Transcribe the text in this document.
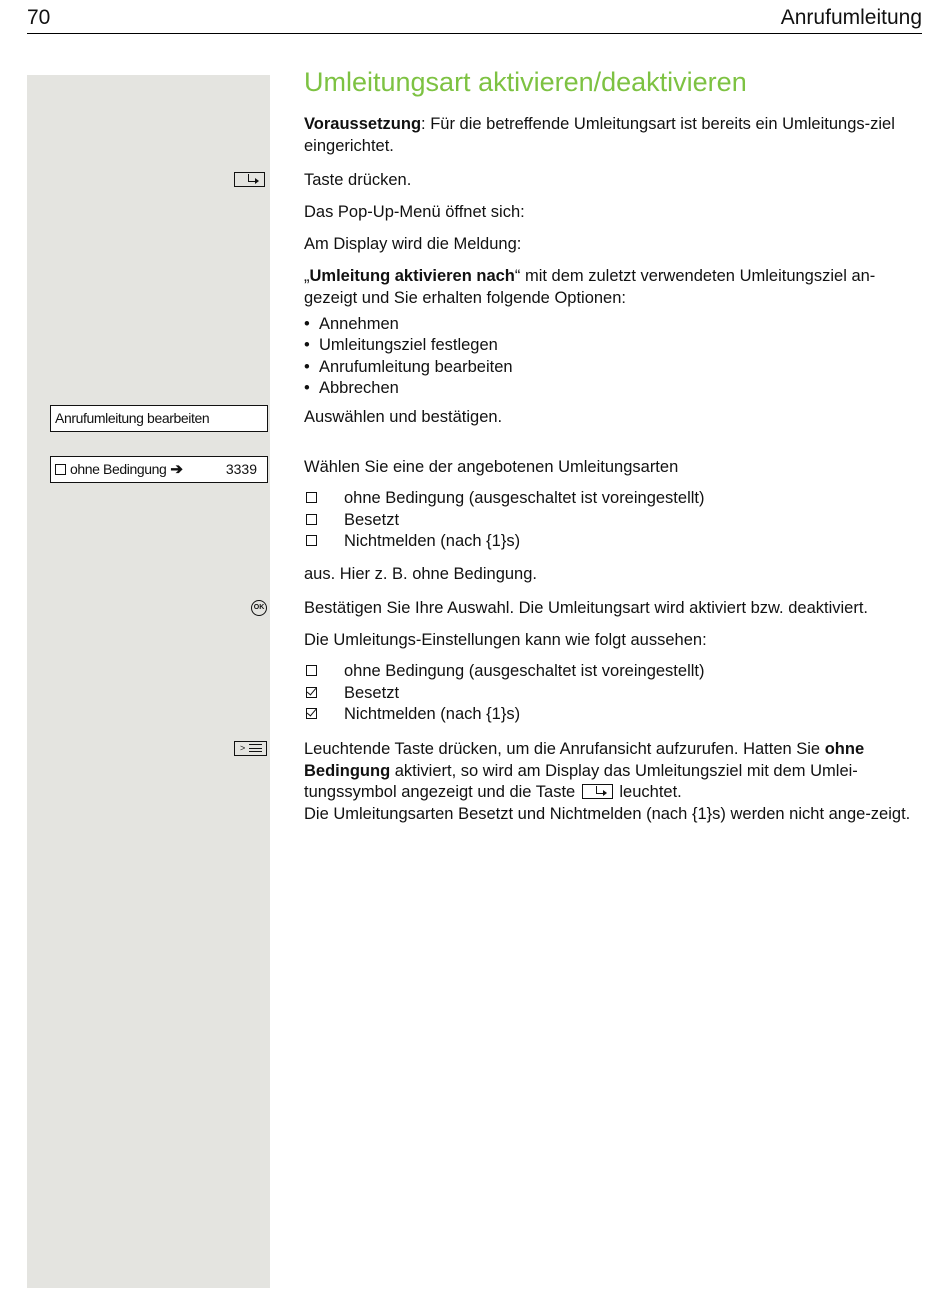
70	Anrufumleitung
Anrufumleitung bearbeiten
ohne Bedingung ➔	3339
OK
>
Umleitungsart aktivieren/deaktivieren
Voraussetzung: Für die betreffende Umleitungsart ist bereits ein Umleitungs-ziel eingerichtet.
Taste drücken.
Das Pop-Up-Menü öffnet sich:
Am Display wird die Meldung:
„Umleitung aktivieren nach“ mit dem zuletzt verwendeten Umleitungsziel an-gezeigt und Sie erhalten folgende Optionen:
• Annehmen
• Umleitungsziel festlegen
• Anrufumleitung bearbeiten
• Abbrechen
Auswählen und bestätigen.
Wählen Sie eine der angebotenen Umleitungsarten
ohne Bedingung (ausgeschaltet ist voreingestellt)
Besetzt
Nichtmelden (nach {1}s)
aus. Hier z. B. ohne Bedingung.
Bestätigen Sie Ihre Auswahl. Die Umleitungsart wird aktiviert bzw. deaktiviert.
Die Umleitungs-Einstellungen kann wie folgt aussehen:
ohne Bedingung (ausgeschaltet ist voreingestellt)
Besetzt
Nichtmelden (nach {1}s)
Leuchtende Taste drücken, um die Anrufansicht aufzurufen. Hatten Sie ohne Bedingung aktiviert, so wird am Display das Umleitungsziel mit dem Umlei-tungssymbol angezeigt und die Taste
leuchtet.
Die Umleitungsarten Besetzt und Nichtmelden (nach {1}s) werden nicht ange-zeigt.
